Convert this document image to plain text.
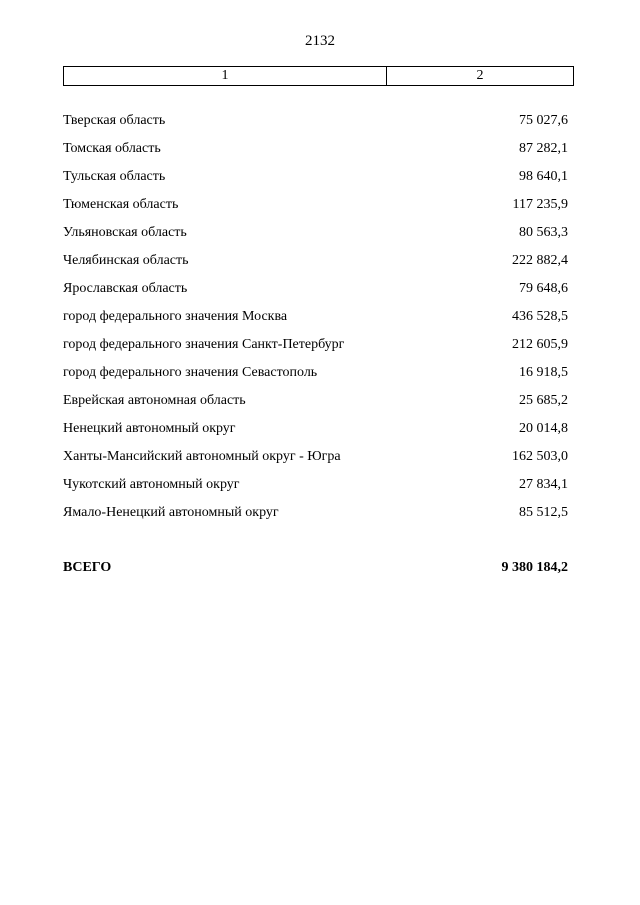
2132
1	2
Тверская область	75 027,6
Томская область	87 282,1
Тульская область	98 640,1
Тюменская область	117 235,9
Ульяновская область	80 563,3
Челябинская область	222 882,4
Ярославская область	79 648,6
город федерального значения Москва	436 528,5
город федерального значения Санкт-Петербург	212 605,9
город федерального значения Севастополь	16 918,5
Еврейская автономная область	25 685,2
Ненецкий автономный округ	20 014,8
Ханты-Мансийский автономный округ - Югра	162 503,0
Чукотский автономный округ	27 834,1
Ямало-Ненецкий автономный округ	85 512,5
ВСЕГО	9 380 184,2
